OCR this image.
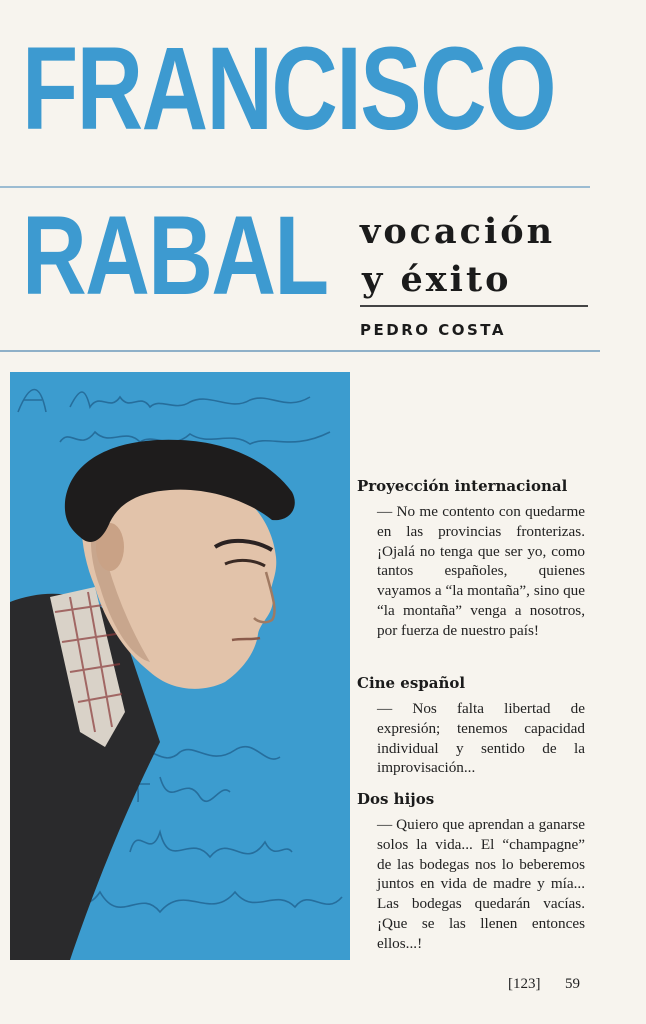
FRANCISCO
RABAL vocación
y éxito
PEDRO COSTA
Proyección internacional
— No me contento con quedarme en las provincias fronterizas. ¡Ojalá no tenga que ser yo, como tantos españoles, quienes vayamos a “la montaña”, sino que “la montaña” venga a nosotros, por fuerza de nuestro país!
Cine español
— Nos falta libertad de expresión; tenemos capacidad individual y sentido de la improvisación...
Dos hijos
— Quiero que aprendan a ganarse solos la vida... El “champagne” de las bodegas nos lo beberemos juntos en vida de madre y mía... Las bodegas quedarán vacías. ¡Que se las llenen entonces ellos...!
[123] 59
